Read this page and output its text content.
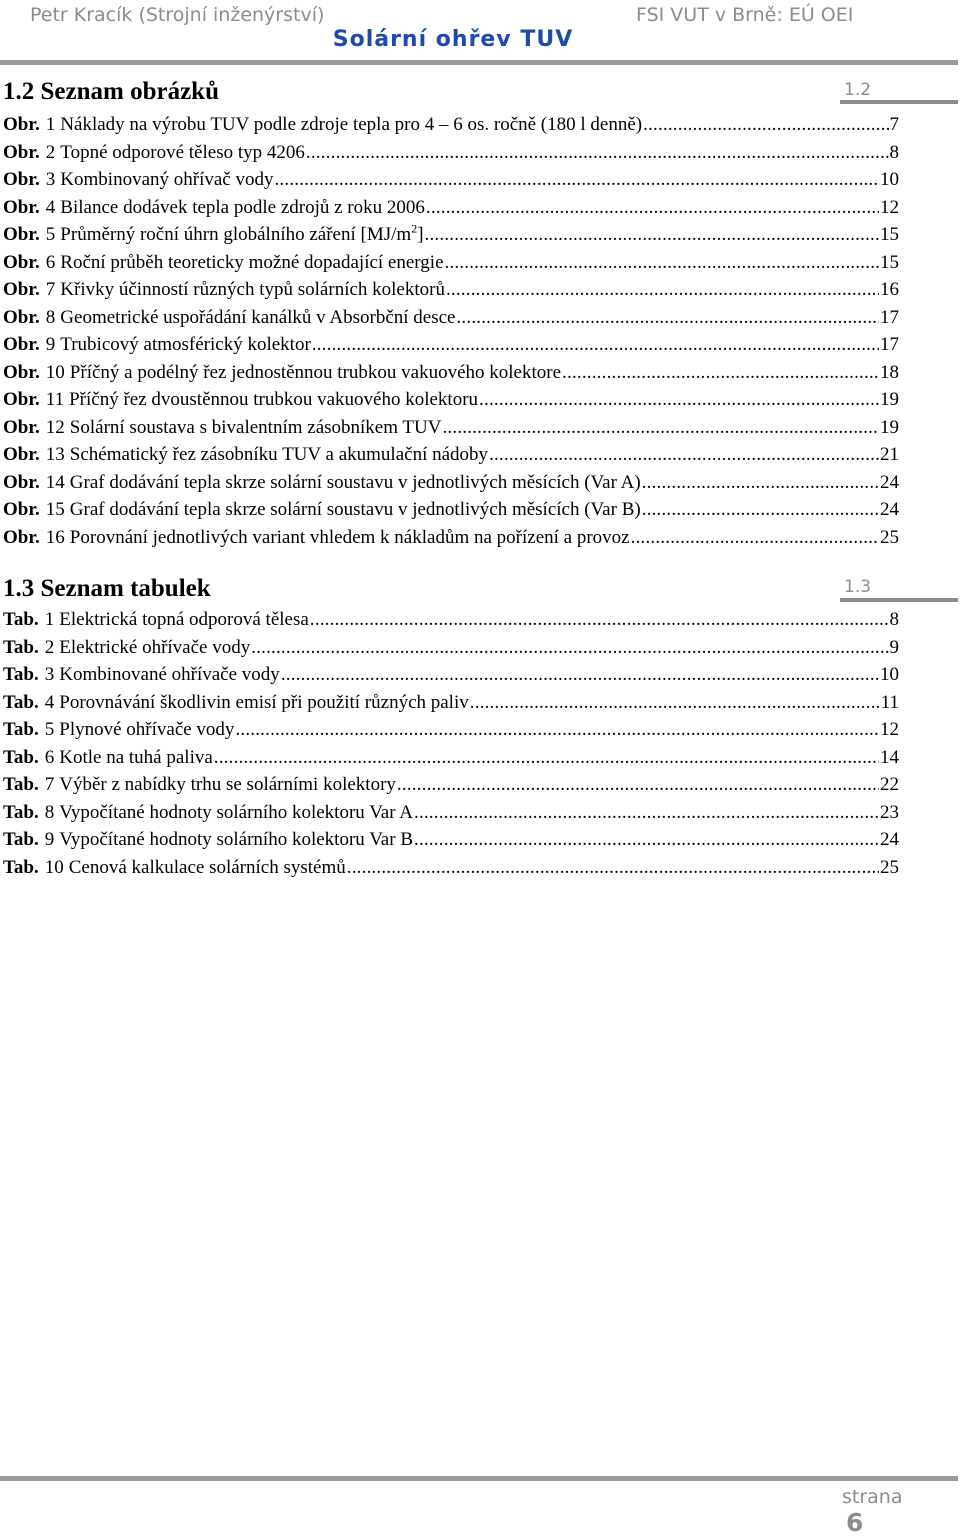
Petr Kracík (Strojní inženýrství)	FSI VUT v Brně: EÚ OEI
Solární ohřev TUV
1.2 Seznam obrázků	1.2
Obr. 1 Náklady na výrobu TUV podle zdroje tepla pro 4 – 6 os. ročně (180 l denně) .....	7
Obr. 2 Topné odporové těleso typ 4206 .....	8
Obr. 3 Kombinovaný ohřívač vody .....	10
Obr. 4 Bilance dodávek tepla podle zdrojů z roku 2006 .....	12
Obr. 5 Průměrný roční úhrn globálního záření $[MJ/m^2]$ .....	15
Obr. 6 Roční průběh teoreticky možné dopadající energie .....	15
Obr. 7 Křivky účinností různých typů solárních kolektorů .....	16
Obr. 8 Geometrické uspořádání kanálků v Absorbční desce .....	17
Obr. 9 Trubicový atmosférický kolektor .....	17
Obr. 10 Příčný a podélný řez jednostěnnou trubkou vakuového kolektore .....	18
Obr. 11 Příčný řez dvoustěnnou trubkou vakuového kolektoru .....	19
Obr. 12 Solární soustava s bivalentním zásobníkem TUV .....	19
Obr. 13 Schématický řez zásobníku TUV a akumulační nádoby .....	21
Obr. 14 Graf dodávání tepla skrze solární soustavu v jednotlivých měsících (Var A) .....	24
Obr. 15 Graf dodávání tepla skrze solární soustavu v jednotlivých měsících (Var B) .....	24
Obr. 16 Porovnání jednotlivých variant vhledem k nákladům na pořízení a provoz .....	25
1.3 Seznam tabulek	1.3
Tab. 1 Elektrická topná odporová tělesa .....	8
Tab. 2 Elektrické ohřívače vody .....	9
Tab. 3 Kombinované ohřívače vody .....	10
Tab. 4 Porovnávání škodlivin emisí při použití různých paliv .....	11
Tab. 5 Plynové ohřívače vody .....	12
Tab. 6 Kotle na tuhá paliva .....	14
Tab. 7 Výběr z nabídky trhu se solárními kolektory .....	22
Tab. 8 Vypočítané hodnoty solárního kolektoru Var A .....	23
Tab. 9 Vypočítané hodnoty solárního kolektoru Var B .....	24
Tab. 10 Cenová kalkulace solárních systémů .....	25
strana
6
